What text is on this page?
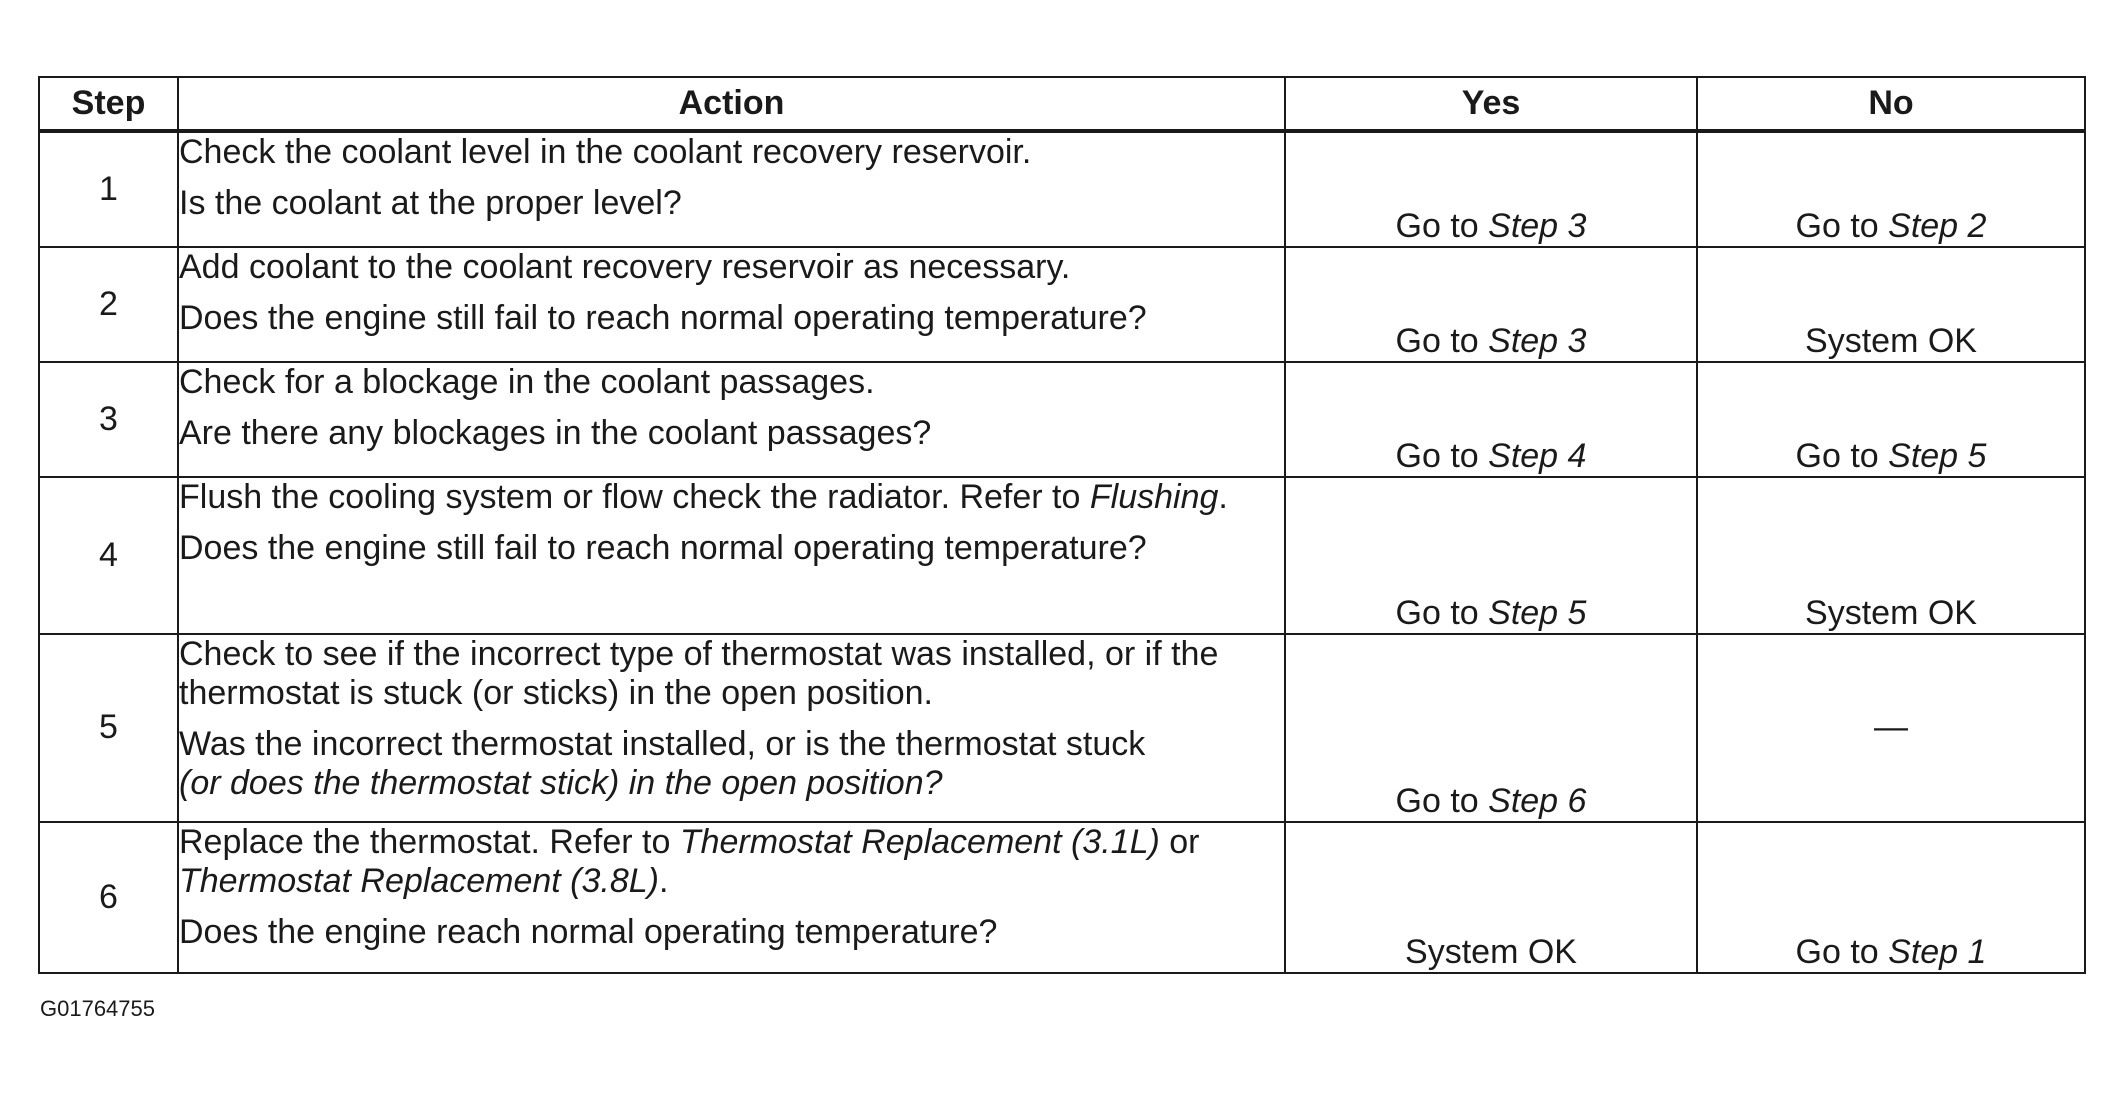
Step	Action	Yes	No
1	Check the coolant level in the coolant recovery reservoir.

Is the coolant at the proper level?	Go to Step 3	Go to Step 2
2	Add coolant to the coolant recovery reservoir as necessary.

Does the engine still fail to reach normal operating temperature?	Go to Step 3	System OK
3	Check for a blockage in the coolant passages.

Are there any blockages in the coolant passages?	Go to Step 4	Go to Step 5
4	Flush the cooling system or flow check the radiator. Refer to Flushing.

Does the engine still fail to reach normal operating temperature?	Go to Step 5	System OK
5	Check to see if the incorrect type of thermostat was installed, or if the thermostat is stuck (or sticks) in the open position.

Was the incorrect thermostat installed, or is the thermostat stuck
(or does the thermostat stick) in the open position?	Go to Step 6	—
6	Replace the thermostat. Refer to Thermostat Replacement (3.1L) or Thermostat Replacement (3.8L).

Does the engine reach normal operating temperature?	System OK	Go to Step 1
G01764755
